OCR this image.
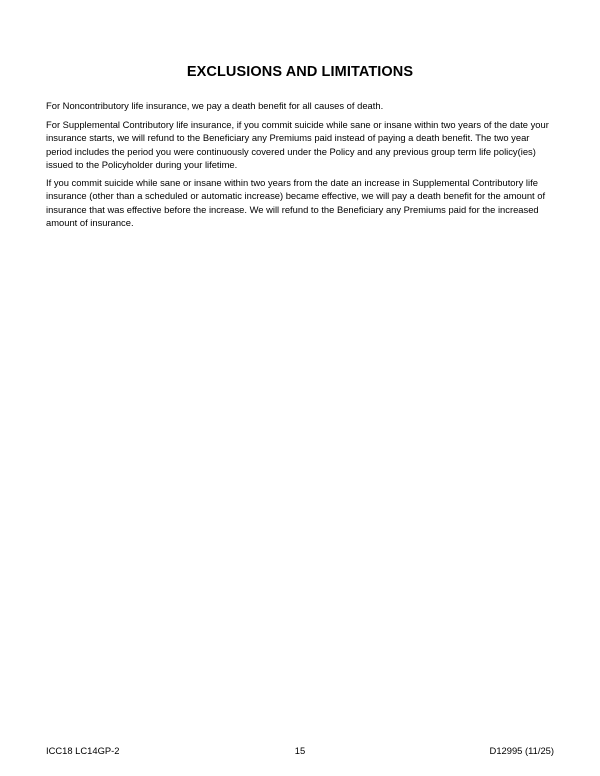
EXCLUSIONS AND LIMITATIONS
For Noncontributory life insurance, we pay a death benefit for all causes of death.
For Supplemental Contributory life insurance, if you commit suicide while sane or insane within two years of the date your insurance starts, we will refund to the Beneficiary any Premiums paid instead of paying a death benefit. The two year period includes the period you were continuously covered under the Policy and any previous group term life policy(ies) issued to the Policyholder during your lifetime.
If you commit suicide while sane or insane within two years from the date an increase in Supplemental Contributory life insurance (other than a scheduled or automatic increase) became effective, we will pay a death benefit for the amount of insurance that was effective before the increase. We will refund to the Beneficiary any Premiums paid for the increased amount of insurance.
15
ICC18 LC14GP-2	D12995 (11/25)
